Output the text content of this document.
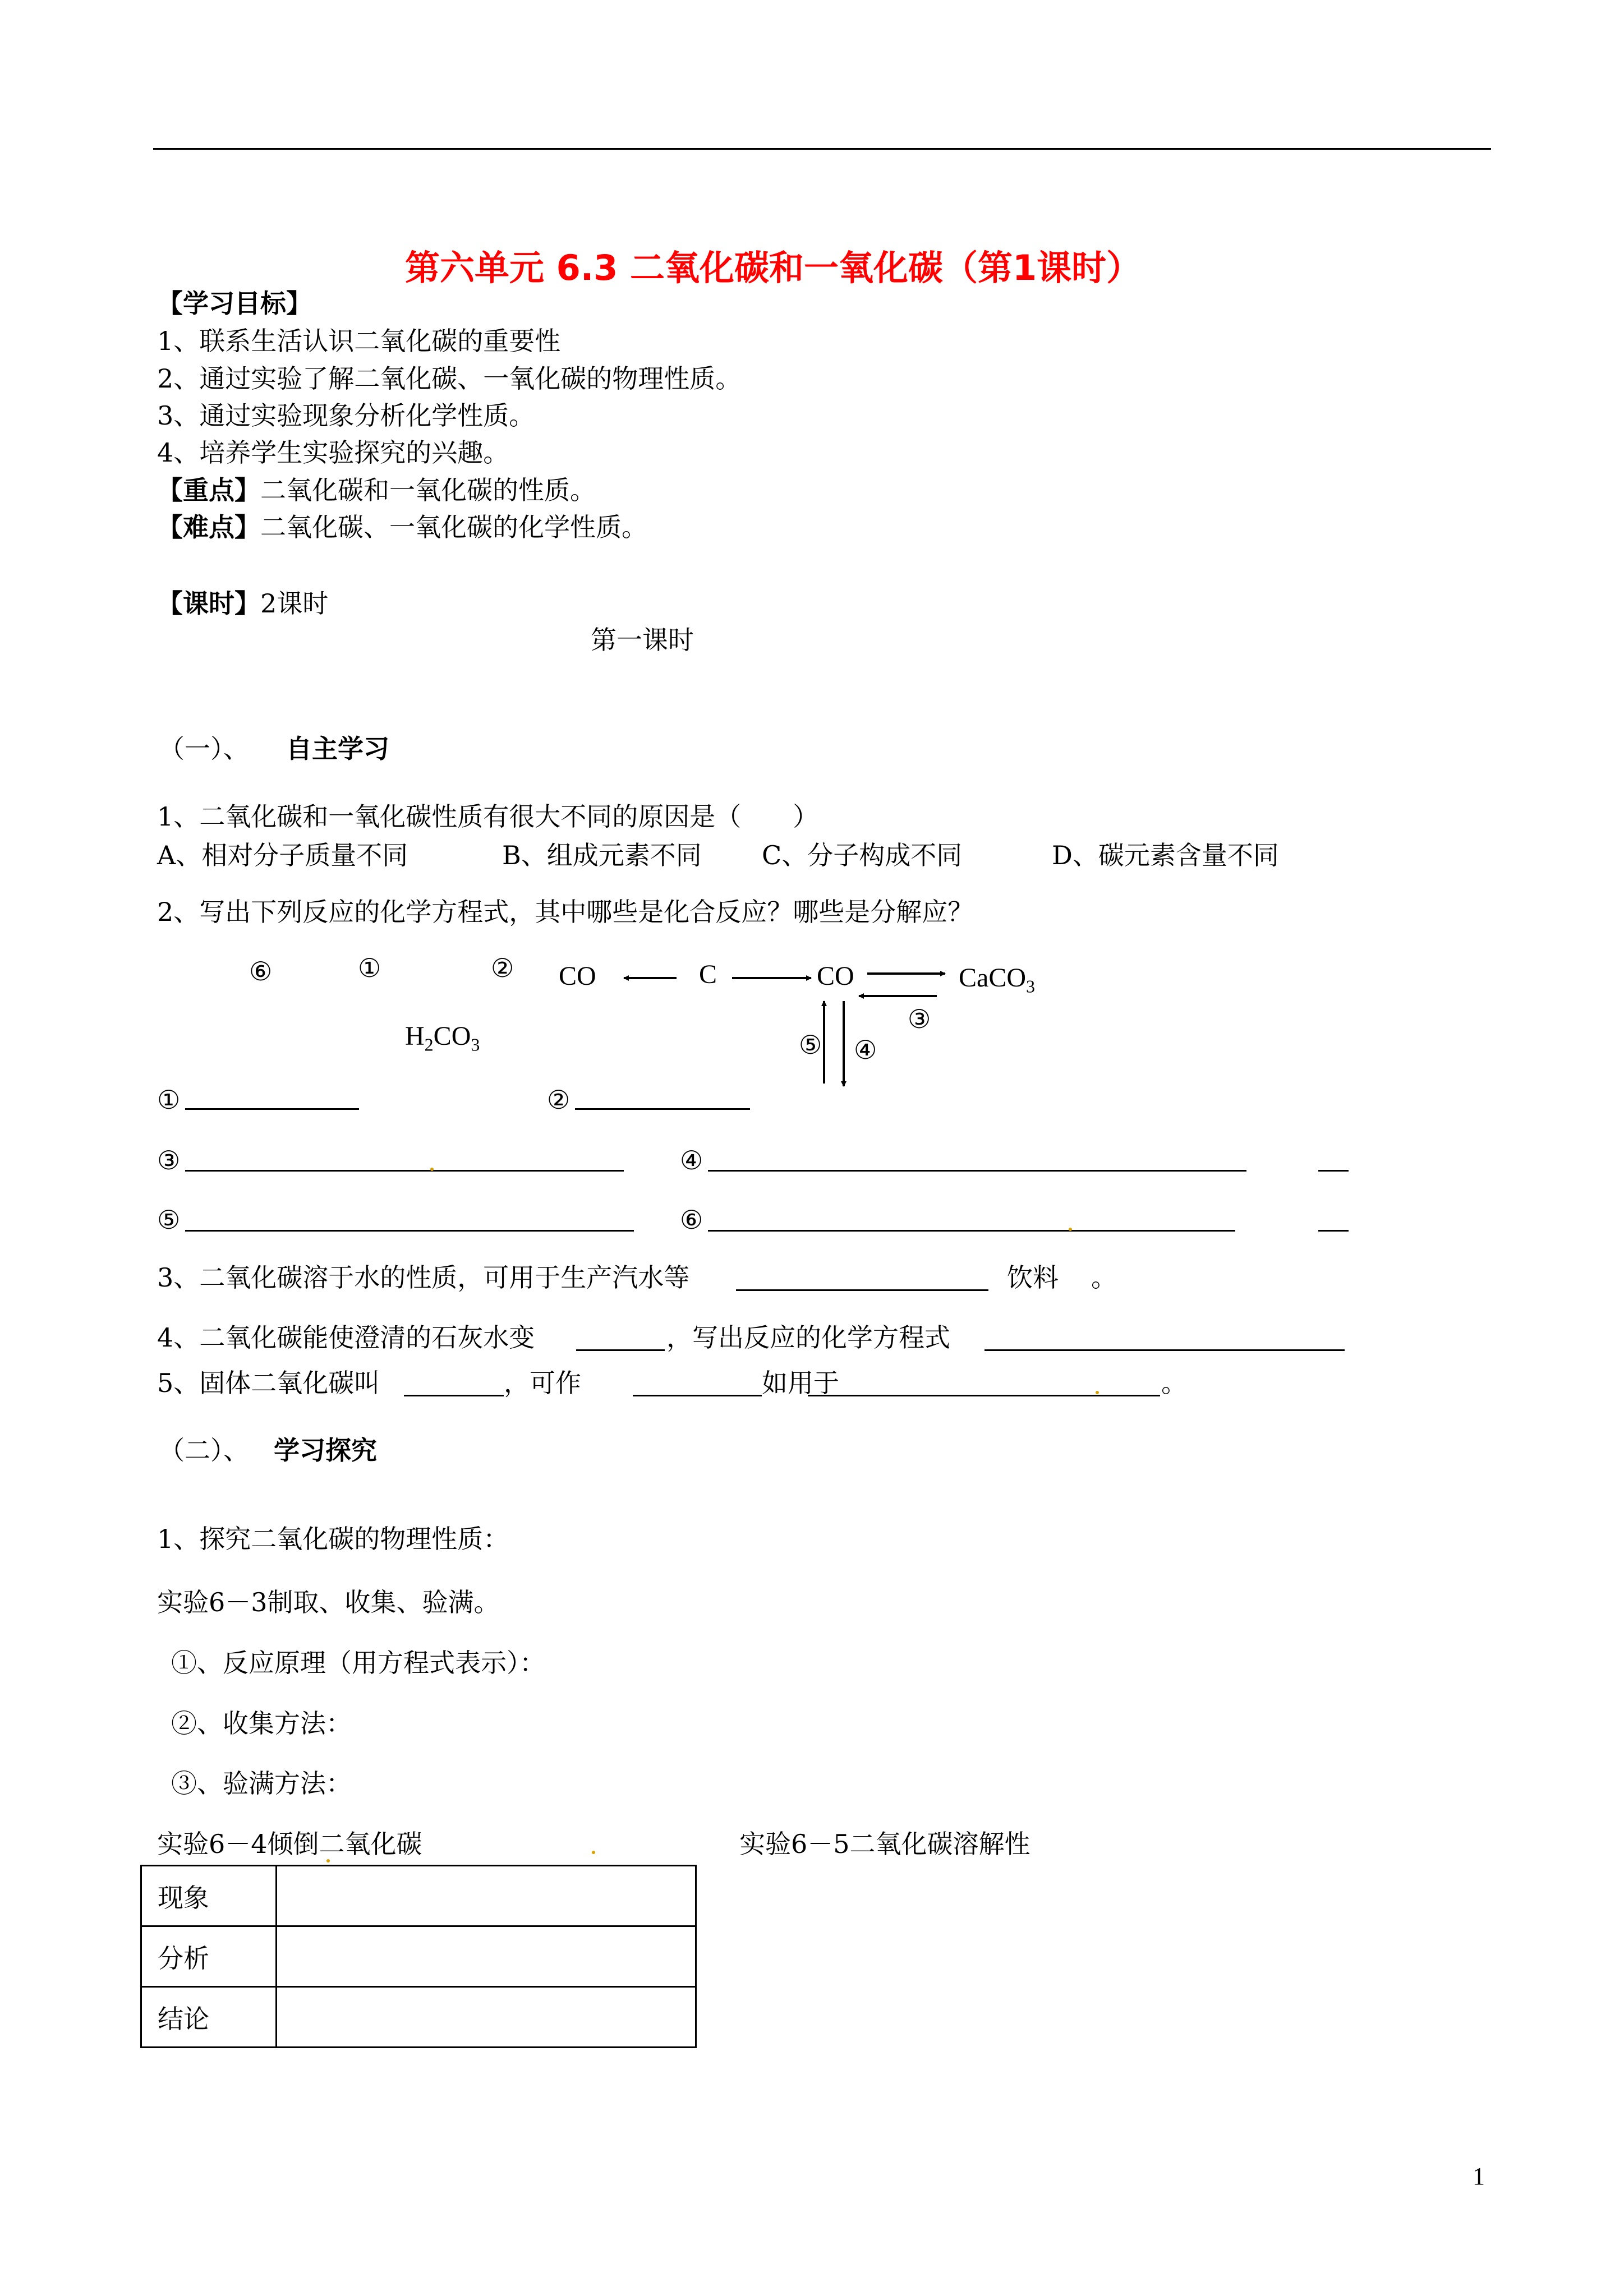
第六单元 6.3 二氧化碳和一氧化碳（第1课时）
【学习目标】
1、联系生活认识二氧化碳的重要性
2、通过实验了解二氧化碳、一氧化碳的物理性质。
3、通过实验现象分析化学性质。
4、培养学生实验探究的兴趣。
【重点】二氧化碳和一氧化碳的性质。
【难点】二氧化碳、一氧化碳的化学性质。
【课时】2课时
第一课时
（一）、 自主学习
1、二氧化碳和一氧化碳性质有很大不同的原因是（　　）
A、相对分子质量不同	B、组成元素不同 C、分子构成不同	D、碳元素含量不同
2、写出下列反应的化学方程式，其中哪些是化合反应？哪些是分解应？
⑥	①	② CO	C	CO	CaCO$_3$
③
$H_2CO_3$	⑤ ④
①	②
③	④
⑤	⑥
3、二氧化碳溶于水的性质，可用于生产汽水等	饮料 。
4、二氧化碳能使澄清的石灰水变	，写出反应的化学方程式
5、固体二氧化碳叫	，可作	如用于	。
（二）、 学习探究
1、探究二氧化碳的物理性质：
实验6－3制取、收集、验满。
①、反应原理（用方程式表示）：
②、收集方法：
③、验满方法：
实验6－4倾倒二氧化碳	实验6－5二氧化碳溶解性
现象	
分析	
结论	
1
